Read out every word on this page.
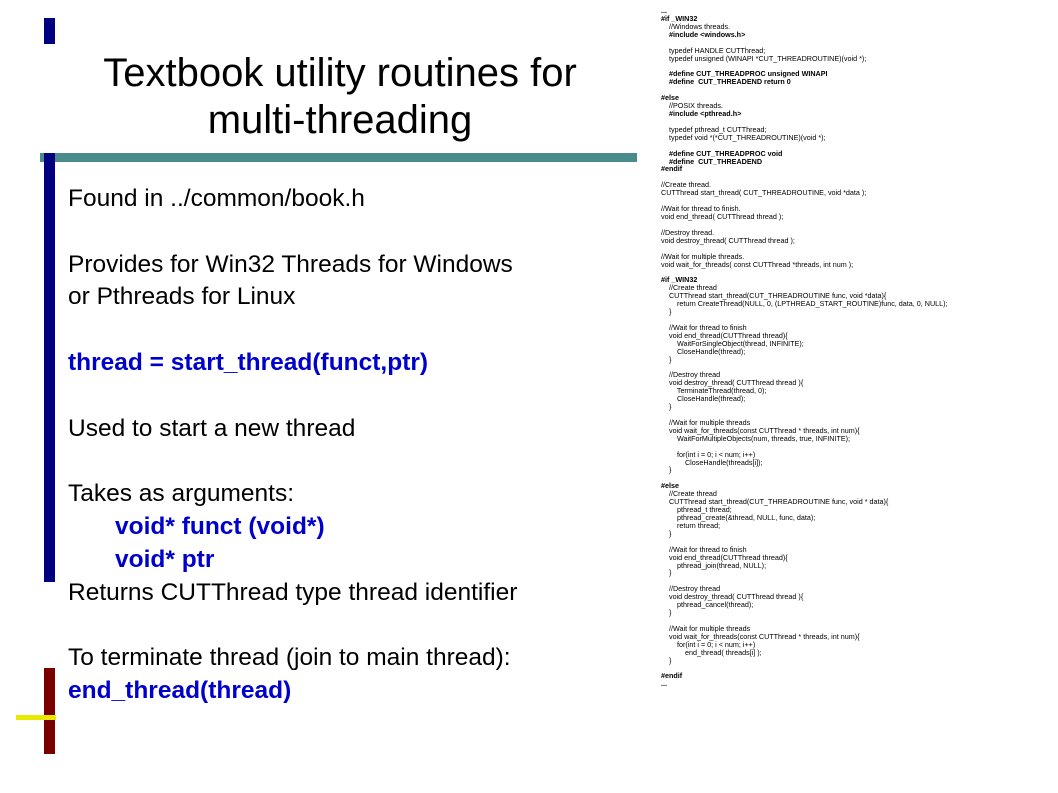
Textbook utility routines for
multi-threading
Found in ../common/book.h
Provides for Win32 Threads for Windows
or Pthreads for Linux
thread = start_thread(funct,ptr)
Used to start a new thread
Takes as arguments:
void* funct (void*)
void* ptr
Returns CUTThread type thread identifier
To terminate thread (join to main thread):
end_thread(thread)
...
#if _WIN32
//Windows threads.
#include <windows.h>

typedef HANDLE CUTThread;
typedef unsigned (WINAPI *CUT_THREADROUTINE)(void *);

#define CUT_THREADPROC unsigned WINAPI
#define  CUT_THREADEND return 0

#else
//POSIX threads.
#include <pthread.h>

typedef pthread_t CUTThread;
typedef void *(*CUT_THREADROUTINE)(void *);

#define CUT_THREADPROC void
#define  CUT_THREADEND
#endif

//Create thread.
CUTThread start_thread( CUT_THREADROUTINE, void *data );

//Wait for thread to finish.
void end_thread( CUTThread thread );

//Destroy thread.
void destroy_thread( CUTThread thread );

//Wait for multiple threads.
void wait_for_threads( const CUTThread *threads, int num );

#if _WIN32
//Create thread
CUTThread start_thread(CUT_THREADROUTINE func, void *data){
return CreateThread(NULL, 0, (LPTHREAD_START_ROUTINE)func, data, 0, NULL);
}

//Wait for thread to finish
void end_thread(CUTThread thread){
WaitForSingleObject(thread, INFINITE);
CloseHandle(thread);
}

//Destroy thread
void destroy_thread( CUTThread thread ){
TerminateThread(thread, 0);
CloseHandle(thread);
}

//Wait for multiple threads
void wait_for_threads(const CUTThread * threads, int num){
WaitForMultipleObjects(num, threads, true, INFINITE);

for(int i = 0; i < num; i++)
CloseHandle(threads[i]);
}

#else
//Create thread
CUTThread start_thread(CUT_THREADROUTINE func, void * data){
pthread_t thread;
pthread_create(&thread, NULL, func, data);
return thread;
}

//Wait for thread to finish
void end_thread(CUTThread thread){
pthread_join(thread, NULL);
}

//Destroy thread
void destroy_thread( CUTThread thread ){
pthread_cancel(thread);
}

//Wait for multiple threads
void wait_for_threads(const CUTThread * threads, int num){
for(int i = 0; i < num; i++)
end_thread( threads[i] );
}

#endif
...
